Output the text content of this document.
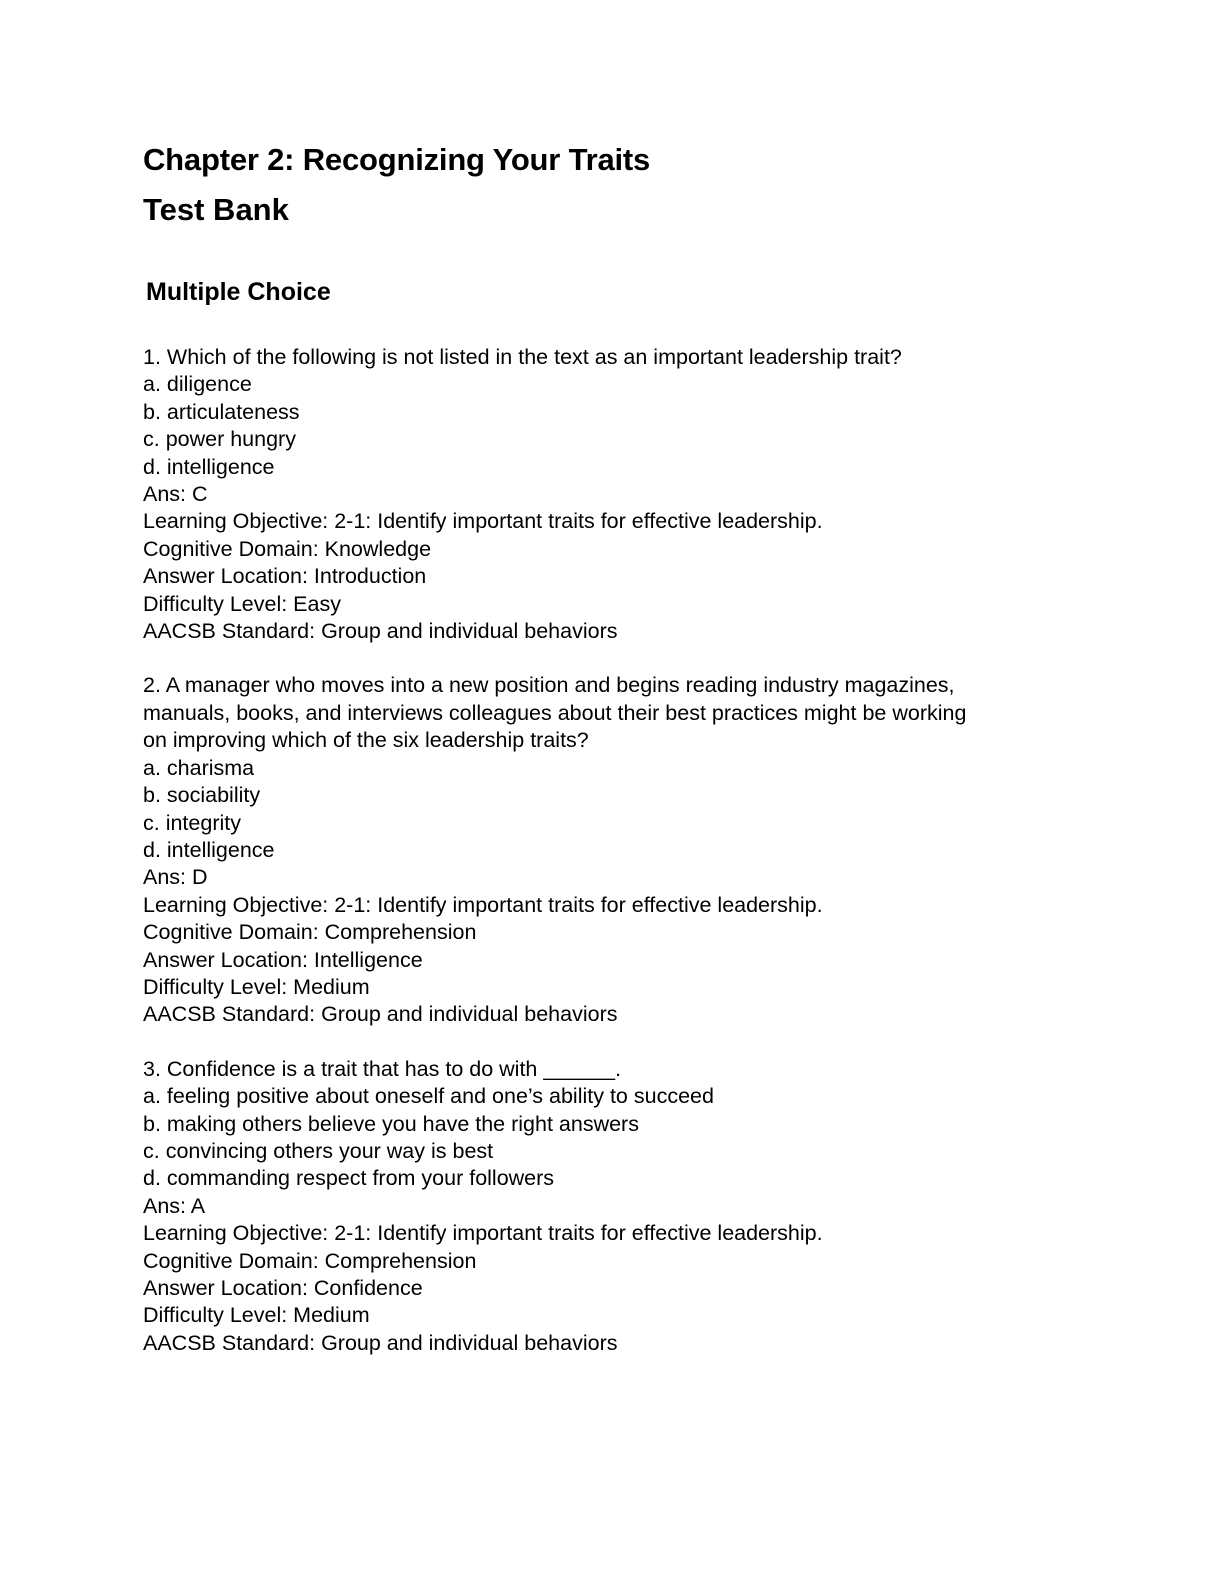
Chapter 2: Recognizing Your Traits
Test Bank
Multiple Choice
1. Which of the following is not listed in the text as an important leadership trait?
a. diligence
b. articulateness
c. power hungry
d. intelligence
Ans: C
Learning Objective: 2-1: Identify important traits for effective leadership.
Cognitive Domain: Knowledge
Answer Location: Introduction
Difficulty Level: Easy
AACSB Standard: Group and individual behaviors
2. A manager who moves into a new position and begins reading industry magazines,
manuals, books, and interviews colleagues about their best practices might be working
on improving which of the six leadership traits?
a. charisma
b. sociability
c. integrity
d. intelligence
Ans: D
Learning Objective: 2-1: Identify important traits for effective leadership.
Cognitive Domain: Comprehension
Answer Location: Intelligence
Difficulty Level: Medium
AACSB Standard: Group and individual behaviors
3. Confidence is a trait that has to do with ______.
a. feeling positive about oneself and one’s ability to succeed
b. making others believe you have the right answers
c. convincing others your way is best
d. commanding respect from your followers
Ans: A
Learning Objective: 2-1: Identify important traits for effective leadership.
Cognitive Domain: Comprehension
Answer Location: Confidence
Difficulty Level: Medium
AACSB Standard: Group and individual behaviors
